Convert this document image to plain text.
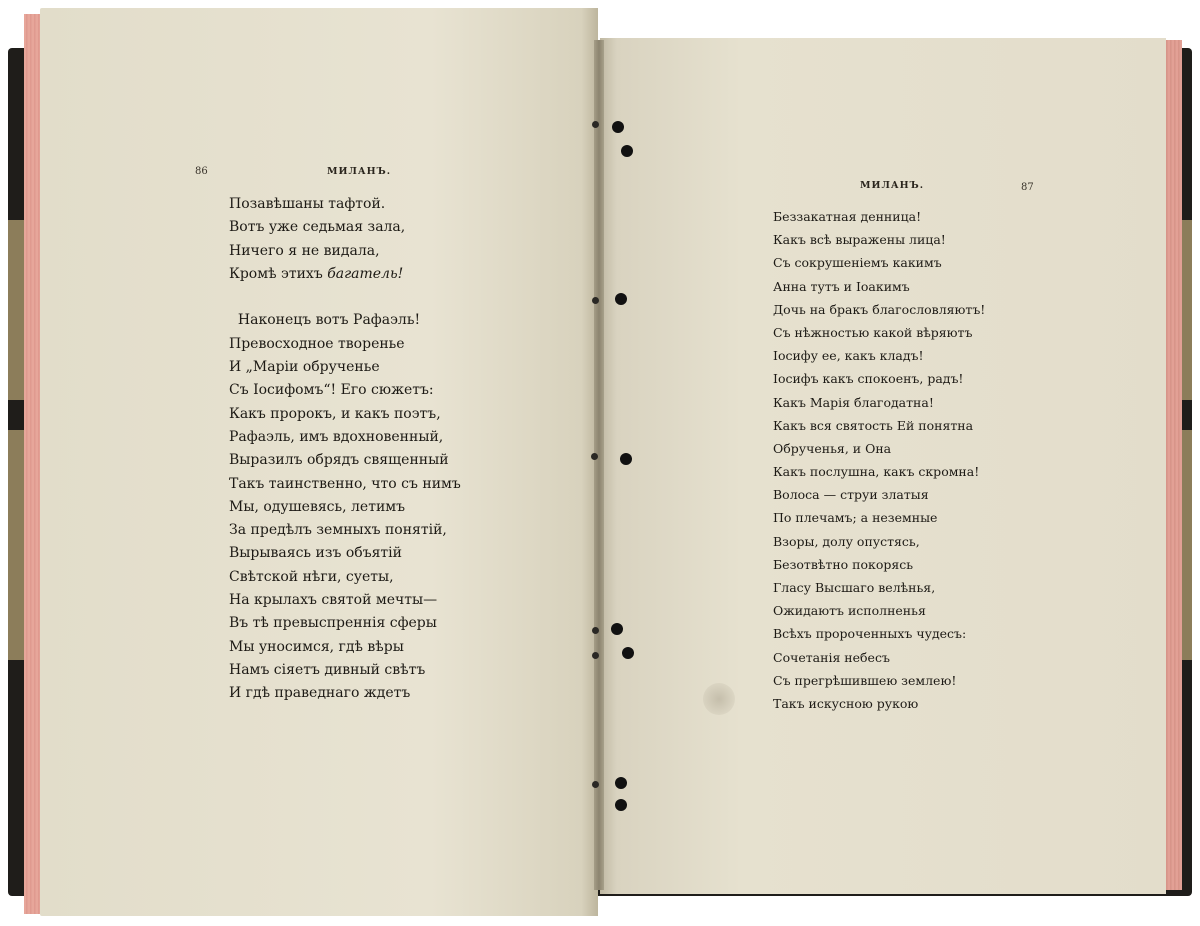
86	МИЛАНЪ.
Позавѣшаны тафтой.
Вотъ уже седьмая зала,
Ничего я не видала,
Кромѣ этихъ багатель!
Наконецъ вотъ Рафаэль!
Превосходное творенье
И „Маріи обрученье
Съ Іосифомъ“! Его сюжетъ:
Какъ пророкъ, и какъ поэтъ,
Рафаэль, имъ вдохновенный,
Выразилъ обрядъ священный
Такъ таинственно, что съ нимъ
Мы, одушевясь, летимъ
За предѣлъ земныхъ понятій,
Вырываясь изъ объятій
Свѣтской нѣги, суеты,
На крылахъ святой мечты—
Въ тѣ превыспреннія сферы
Мы уносимся, гдѣ вѣры
Намъ сіяетъ дивный свѣтъ
И гдѣ праведнаго ждетъ
МИЛАНЪ.	87
Беззакатная денница!
Какъ всѣ выражены лица!
Съ сокрушеніемъ какимъ
Анна тутъ и Іоакимъ
Дочь на бракъ благословляютъ!
Съ нѣжностью какой вѣряютъ
Іосифу ее, какъ кладъ!
Іосифъ какъ спокоенъ, радъ!
Какъ Марія благодатна!
Какъ вся святость Ей понятна
Обрученья, и Она
Какъ послушна, какъ скромна!
Волоса — струи златыя
По плечамъ; а неземные
Взоры, долу опустясь,
Безотвѣтно покорясь
Гласу Высшаго велѣнья,
Ожидаютъ исполненья
Всѣхъ пророченныхъ чудесъ:
Сочетанія небесъ
Съ прегрѣшившею землею!
Такъ искусною рукою
